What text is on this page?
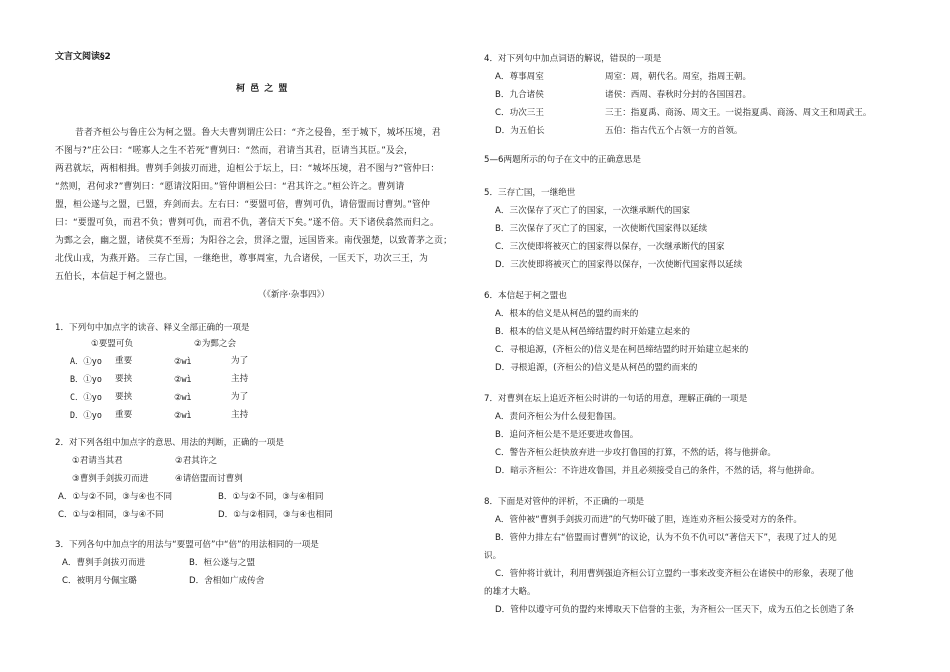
文言文阅读§2
柯 邑 之 盟
昔者齐桓公与鲁庄公为柯之盟。鲁大夫曹刿谓庄公曰：“齐之侵鲁，至于城下，城坏压境，君
不图与?”庄公曰：“嗟寡人之生不若死”曹刿曰：“然而，君请当其君，臣请当其臣。”及会，
两君就坛，两相相揖。曹刿手剑拔刃而进，迫桓公于坛上，曰：“城坏压境，君不图与?”管仲曰：
“然则，君何求?”曹刿曰：“愿请汶阳田。”管仲谓桓公曰：“君其许之。”桓公许之。曹刿请
盟，桓公遂与之盟，已盟，弃剑而去。左右曰：“要盟可倍，曹刿可仇，请倍盟而讨曹刿。”管仲
曰：“要盟可负，而君不负；曹刿可仇，而君不仇，著信天下矣。”遂不倍。天下诸侯翕然而归之。
为鄄之会，幽之盟，诸侯莫不至焉；为阳谷之会，贯泽之盟，远国皆来。南伐强楚，以致菁茅之贡；
北伐山戎，为燕开路。 三存亡国，一继绝世，尊事周室，九合诸侯，一匡天下，功次三王，为
五伯长，本信起于柯之盟也。
（《新序·杂事四》）
1．下列句中加点字的读音、释义全部正确的一项是
①要盟可负	②为鄄之会
A．①yo 重要	②wì	为了
B．①yo 要挟	②wì	主持
C．①yo 要挟	②wì	为了
D．①yo 重要	②wì	主持
2．对下列各组中加点字的意思、用法的判断，正确的一项是
①君请当其君	②君其许之
③曹刿手剑拔刃而进	④请倍盟而讨曹刿
A．①与②不同，③与④也不同	B．①与②不同，③与④相同
C．①与②相同，③与④不同	D．①与②相同，③与④也相同
3．下列各句中加点字的用法与“要盟可倍”中“倍”的用法相同的一项是
A．曹刿手剑拔刃而进	B．桓公遂与之盟
C．被明月兮佩宝璐	D．舍相如广成传舍
4．对下列句中加点词语的解说，错误的一项是
A．尊事周室	周室：周，朝代名。周室，指周王朝。
B．九合诸侯	诸侯：西周、春秋时分封的各国国君。
C．功次三王	三王：指夏禹、商汤、周文王。一说指夏禹、商汤、周文王和周武王。
D．为五伯长	五伯：指古代五个占领一方的首领。
5—6两题所示的句子在文中的正确意思是
5．三存亡国，一继绝世
A．三次保存了灭亡了的国家，一次继承断代的国家
B．三次保存了灭亡了的国家，一次使断代国家得以延续
C．三次使即将被灭亡的国家得以保存，一次继承断代的国家
D．三次使即将被灭亡的国家得以保存，一次使断代国家得以延续
6．本信起于柯之盟也
A．根本的信义是从柯邑的盟约而来的
B．根本的信义是从柯邑缔结盟约时开始建立起来的
C．寻根追源，(齐桓公的)信义是在柯邑缔结盟约时开始建立起来的
D．寻根追源，(齐桓公的)信义是从柯邑的盟约而来的
7．对曹刿在坛上追近齐桓公时讲的一句话的用意，理解正确的一项是
A．责问齐桓公为什么侵犯鲁国。
B．追问齐桓公是不是还要进攻鲁国。
C．警告齐桓公赶快放弃进一步攻打鲁国的打算，不然的话，将与他拼命。
D．暗示齐桓公：不许进攻鲁国，并且必须接受自己的条件，不然的话，将与他拼命。
8．下面是对管仲的评析，不正确的一项是
A．管仲被“曹刿手剑拔刃而进”的气势吓破了胆，连连劝齐桓公接受对方的条件。
B．管仲力排左右“倍盟而讨曹刿”的议论，认为不负不仇可以“著信天下”，表现了过人的见
识。
C．管仲将计就计，利用曹刿强迫齐桓公订立盟约一事来改变齐桓公在诸侯中的形象，表现了他
的雄才大略。
D．管仲以遵守可负的盟约来博取天下信誉的主张，为齐桓公一匡天下，成为五伯之长创造了条
